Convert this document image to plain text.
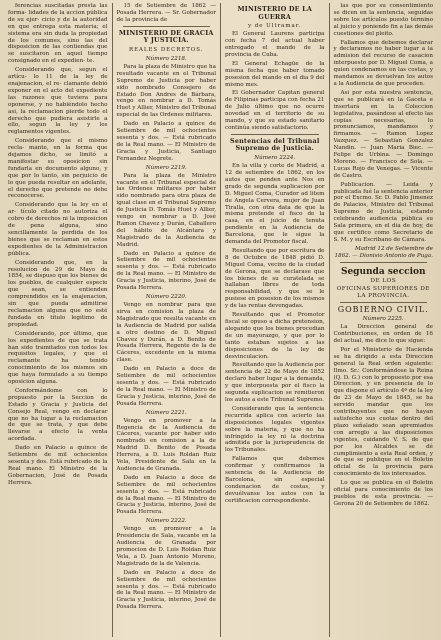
ferencias suscitadas presta las forma- lidades de la accion pública de su ejer- cicio y de la autoridad en que entrega esta materia; el sistema era sin duda la propiedad de los comunes, sino las del disposicion de las contiendas que se suscitaron en aquel tiempo consignado en el expedien- te.

Considerando que, segun el artícu- lo 11 de la ley de enajenacion, el re- clamante debió exponer en el acto del expediente las razones que tuviera para oponerse, y no habiéndolo hecho asi, la reclamacion pierde todo el derecho que pudiera asistirle a ello, segun la ley y los reglamentos vigentes.

Considerando que el mismo recla- mante, en la forma que dejamos dicho, se limitó a manifestar su oposicion sin fundarla en documento alguno, y que por lo tanto, sin perjuicio de lo que pueda resultar en adelante, el derecho que pretende no debe reconocerse.

Considerando que la ley en el ar- tículo citado no autoriza el cobro de derechos ni la imposicion de pena alguna, sino sencillamente la perdida de los bienes que se reclaman en estos expedientes de la Administracion pública.

Considerando que, en la resolucion de 29 de Mayo de 1854, se dispuso que los bienes de los pueblos, de cualquier especie que sean, se entienden comprendidos en la enajenacion, sin que pueda admitirse reclamacion alguna que no esté fundada en título legítimo de propiedad.

Considerando, por último, que los expedientes de que se trata han sido tramitados con todos los requisitos legales, y que el reclamante ha tenido conocimiento de los mismos sin que haya formulado a su tiempo oposicion alguna.

Conformándome con lo propuesto por la Seccion de Estado y Gracia y Justicia del Consejo Real, vengo en declarar que no ha lugar a la reclamacion de que se trata, y que debe llevarse a efecto la venta acordada.

Dado en Palacio a quince de Setiembre de mil ochocientos sesenta y dos. Está rubricado de la Real mano. El Ministro de la Gobernacion, José de Posada Herrera.

15 de Setiembre de 1862 — Posada Herrera. — Sr. Gobernador de la provincia de

MINISTERIO DE GRACIA Y JUSTICIA.
REALES DECRETOS.
Número 2218.

Para la plaza de Ministro que ha resultado vacante en el Tribunal Supremo de Justicia por haber sido nombrado Consejero de Estado Don Andres de Bárbara, vengo en nombrar a D. Tomás Huet y Allier, Ministro del Tribunal especial de las Ordenes militares.

Dado en Palacio a quince de Setiembre de mil ochocientos sesenta y dos. — Está rubricado de la Real mano. — El Ministro de Gracia y Justicia, Santiago Fernandez Negrete.

Número 2219.

Para la plaza de Ministro vacante en el Tribunal especial de las Ordenes militares por haber sido nombrado para otra plaza de igual clase en el Tribunal Supremo de Justicia D. Tomás Huet y Allier, vengo en nombrar a D. José Ramon Chavez y Durán, Caballero del hábito de Alcántara y Magistrado de la Audiencia de Madrid.

Dado en Palacio a quince de Setiembre de mil ochocientos sesenta y dos. — Está rubricado de la Real mano. — El Ministro de Gracia y Justicia, interino, José de Posada Herrera.

Número 2220.

Vengo en nombrar para que sirva en comision la plaza de Magistrado que resulta vacante en la Audiencia de Madrid por salida a otro destino de D. Miguel Chavez y Durán, a D. Benito de Posada Herrera, Regente de la de Cáceres, excedente en la misma clase.

Dado en Palacio a doce de Setiembre de mil ochocientos sesenta y dos. — Está rubricado de la Real mano. — El Ministro de Gracia y Justicia, interino, José de Posada Herrera.

Número 2221.

Vengo en promover a la Regencia de la Audiencia de Cáceres, vacante por haber sido nombrado en comision a la de Madrid D. Benito de Posada Herrera, a D. Luis Roldan Ruiz Vela, Presidente de Sala en la Audiencia de Granada.

Dado en Palacio a doce de Setiembre de mil ochocientos sesenta y dos. — Está rubricado de la Real mano. — El Ministro de Gracia y Justicia, interino, José de Posada Herrera.

Número 2222.

Vengo en promover a la Presidencia de Sala, vacante en la Audiencia de Granada por promocion de D. Luis Roldan Ruiz Vela, a D. Juan Antonio Moreno, Magistrado de la de Valencia.

Dado en Palacio a doce de Setiembre de mil ochocientos sesenta y dos. — Está rubricado de la Real mano. — El Ministro de Gracia y Justicia, interino, José de Posada Herrera.

MINISTERIO DE LA GUERRA
y de Ultramar.

El General Laurens participa con fecha 7 del actual haber entregado el mando de la provincia de Cuba.

El General Echagüe de la misma fecha que haber tomado posesion del mando en el dia 9 del mismo mes.

El Gobernador Capitan general de Filipinas participa con fecha 21 de Julio último que no ocurre novedad en el territorio de su mando, y que su estado sanitario continúa siendo satisfactorio.

Sentencias del Tribunal Supremo de Justicia.
Número 2224.

En la villa y corte de Madrid, a 12 de setiembre de 1862, en los autos que penden ante Nos en grado de segunda suplicacion por D. Miguel Coma, Curador ad litem de Angela Cervera, mujer de Juan Tiralla, con otra data de que la misma pretende el fisco de la casa, en el juicio de tenuta pendiente en la Audiencia de Barcelona, que le sigue la demanda del Promotor fiscal.

Resultando que por escritura de 8 de Octubre de 1848 pidió D. Miguel Coma, vecino de la ciudad de Gerona, que se declarase que los bienes de su curatelada se hallaban libres de toda responsabilidad, y que se le pusiese en posesion de los mismos y de las rentas devengadas.

Resultando que el Promotor fiscal se opuso a dicha pretension, alegando que los bienes procedian de un mayorazgo, y que por lo tanto estaban sujetos a las disposiciones de la ley de desvinculacion.

Resultando que la Audiencia por sentencia de 22 de Mayo de 1852 declaró haber lugar a la demanda, y que interpuesta por el fisco la segunda suplicacion se remitieron los autos a este Tribunal Supremo.

Considerando que la sentencia recurrida aplica con acierto las disposiciones legales vigentes sobre la materia, y que no ha infringido la ley ni la doctrina admitida por la jurisprudencia de los Tribunales.

Fallamos que debemos confirmar y confirmamos la sentencia de la Audiencia de Barcelona, sin especial condenacion de costas, y devuélvanse los autos con la certificacion correspondiente.

las que por su consentimiento se dicen en la sentencia, seguidas sobre los artículos puesto término al juicio y poniendo fin a las demás cuestiones del pleito.

Fallamos que debemos declarar y declaramos no haber lugar a la admision del recurso de casacion interpuesto por D. Miguel Coma, a quien condenamos en las costas, y mandamos se devuelvan los autos a la Audiencia de que proceden.

Asi por esta nuestra sentencia, que se publicará en la Gaceta e insertará en la Coleccion legislativa, pasándose al efecto las copias necesarias, lo pronunciamos, mandamos y firmamos. — Ramon Lopez Vazquez. — Sebastian Gonzalez Nandin. — Juan Maria Biec. — Felipe de Urbina. — Domingo Moreno. — Francisco de Sola. — Lucas Rojo de Venegas. — Vicente de Castro.

Publicacion. — Leida y publicada fué la sentencia anterior por el Excmo. Sr. D. Pablo Jimenez de Palacios, Ministro del Tribunal Supremo de Justicia, estando celebrando audiencia pública su Sala primera, en el dia de hoy, de que certifico como Secretario de S. M. y su Escribano de Cámara.

Madrid 12 de Setiembre de 1862. — Dionisio Antonio de Puga.

Segunda seccion
DE LOS
OFICINAS SUPERIORES DE LA PROVINCIA.
GOBIERNO CIVIL.
Número 2225.

La Direccion general de Contribuciones, en orden de 16 del actual, me dice lo que sigue:

Por el Ministerio de Hacienda se ha dirigido a esta Direccion general la Real orden siguiente: Ilmo. Sr.: Conformándose la Reina (Q. D. G.) con lo propuesto por esa Direccion, y en presencia de lo que dispone el artículo 4º de la ley de 23 de Mayo de 1845, se ha servido mandar que los contribuyentes que no hayan satisfecho sus cuotas dentro del plazo señalado sean apremiados con arreglo a las disposiciones vigentes, cuidando V. S. de que por los Alcaldes se dé cumplimiento a esta Real orden, y de que se publique en el Boletin oficial de la provincia para conocimiento de los interesados.

Lo que se publica en el Boletin oficial para conocimiento de los pueblos de esta provincia. — Gerona 20 de Setiembre de 1862.
